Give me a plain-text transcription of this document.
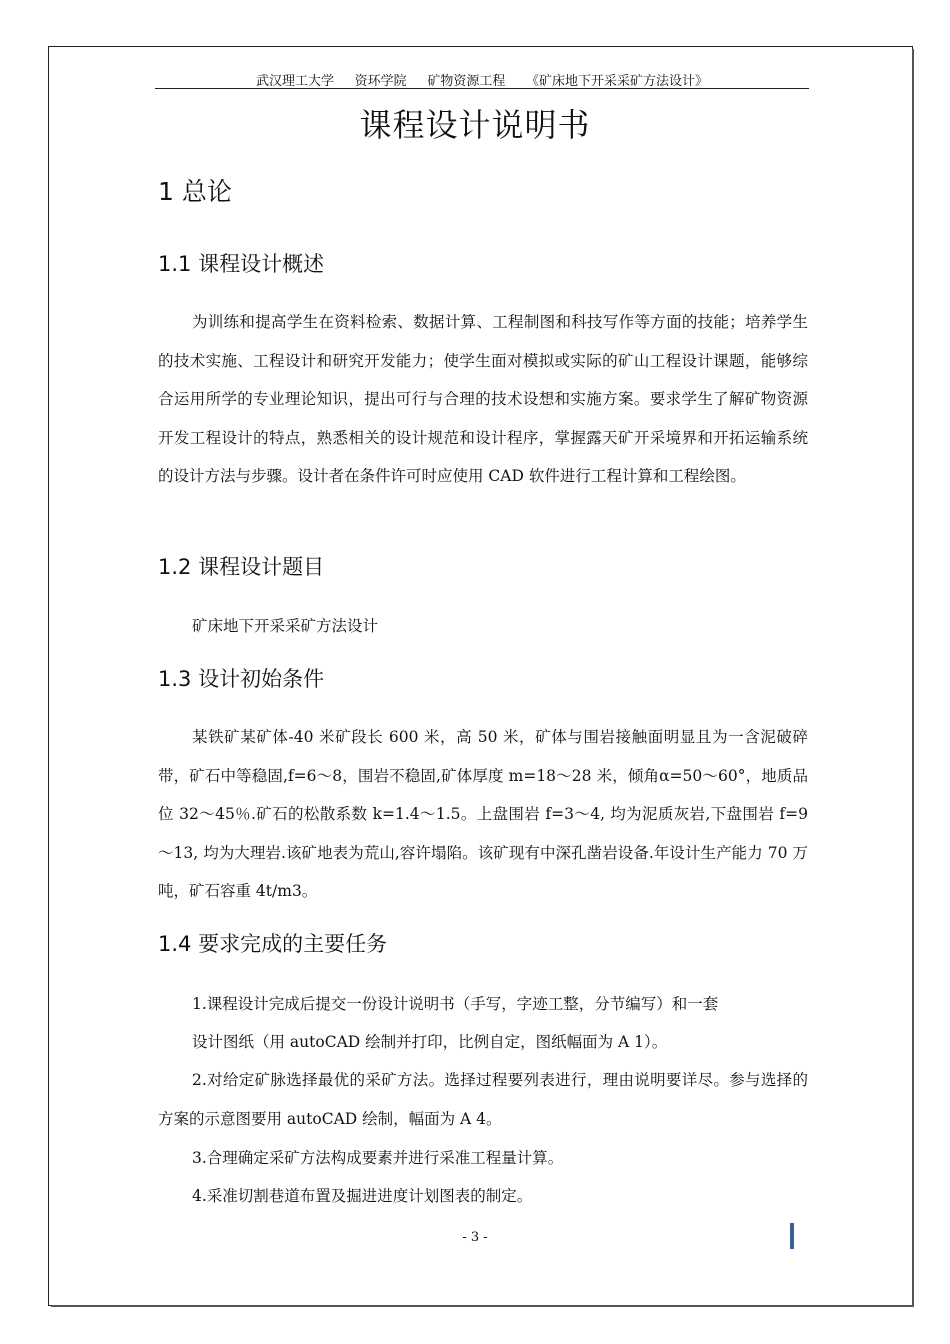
武汉理工大学     资环学院     矿物资源工程     《矿床地下开采采矿方法设计》
课程设计说明书
1 总论
1.1 课程设计概述
为训练和提高学生在资料检索、数据计算、工程制图和科技写作等方面的技能；培养学生的技术实施、工程设计和研究开发能力；使学生面对模拟或实际的矿山工程设计课题，能够综合运用所学的专业理论知识，提出可行与合理的技术设想和实施方案。要求学生了解矿物资源开发工程设计的特点，熟悉相关的设计规范和设计程序，掌握露天矿开采境界和开拓运输系统的设计方法与步骤。设计者在条件许可时应使用 CAD 软件进行工程计算和工程绘图。
1.2 课程设计题目
矿床地下开采采矿方法设计
1.3 设计初始条件
某铁矿某矿体-40 米矿段长 600 米，高 50 米，矿体与围岩接触面明显且为一含泥破碎带，矿石中等稳固,f=6～8，围岩不稳固,矿体厚度 m=18～28 米，倾角α=50～60°，地质品位 32～45％.矿石的松散系数 k=1.4～1.5。上盘围岩 f=3～4, 均为泥质灰岩,下盘围岩 f=9～13, 均为大理岩.该矿地表为荒山,容许塌陷。该矿现有中深孔凿岩设备.年设计生产能力 70 万吨，矿石容重 4t/m3。
1.4 要求完成的主要任务
1.课程设计完成后提交一份设计说明书（手写，字迹工整，分节编写）和一套
设计图纸（用 autoCAD 绘制并打印，比例自定，图纸幅面为 A 1）。
2.对给定矿脉选择最优的采矿方法。选择过程要列表进行，理由说明要详尽。参与选择的方案的示意图要用 autoCAD 绘制，幅面为 A 4。
3.合理确定采矿方法构成要素并进行采准工程量计算。
4.采准切割巷道布置及掘进进度计划图表的制定。
- 3 -
